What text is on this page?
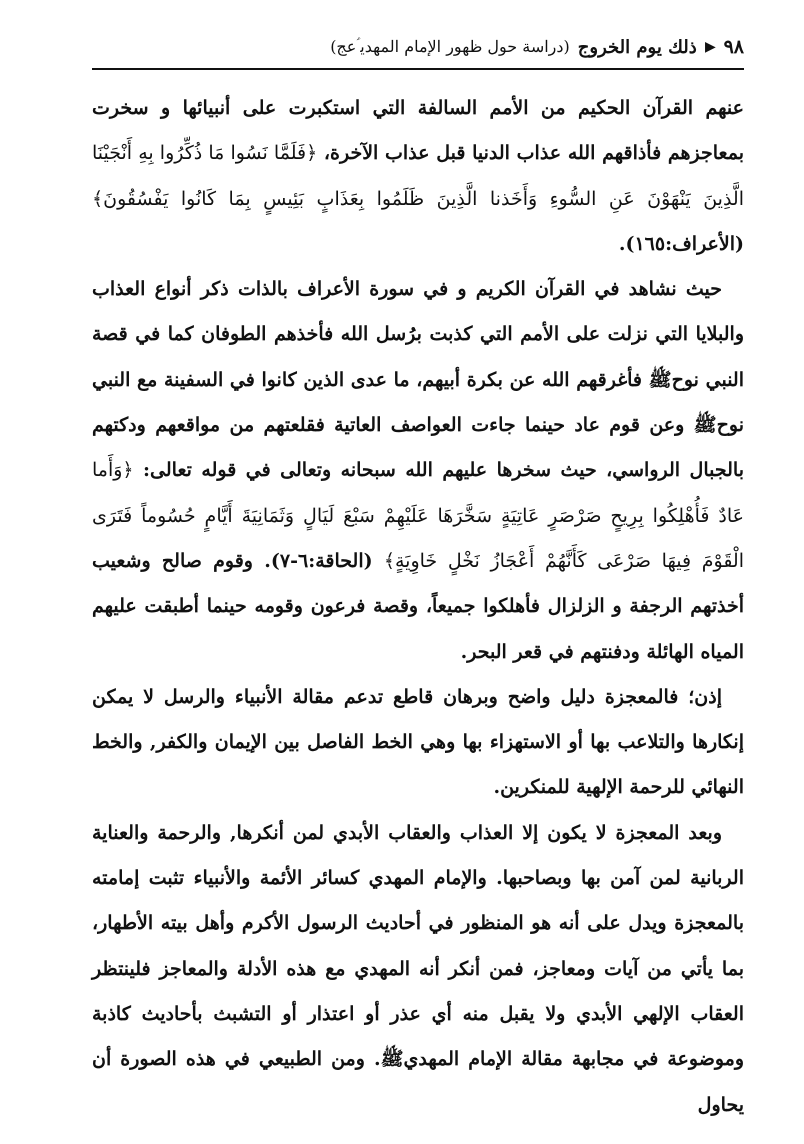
٩٨
◀
ذلك يوم الخروج
(دراسة حول ظهور الإمام المهدي‍ ؑعج)

عنهم القرآن الحكيم من الأمم السالفة التي استكبرت على أنبيائها و سخرت بمعاجزهم فأذاقهم الله عذاب الدنيا قبل عذاب الآخرة، ﴿فَلَمَّا نَسُوا مَا ذُكِّرُوا بِهِ أَنْجَيْنَا الَّذِينَ يَنْهَوْنَ عَنِ السُّوءِ وَأَخَذنا الَّذِينَ ظَلَمُوا بِعَذَابٍ بَئِيسٍ بِمَا كَانُوا يَفْسُقُونَ﴾ (الأعراف:١٦٥).

حيث نشاهد في القرآن الكريم و في سورة الأعراف بالذات ذكر أنواع العذاب والبلايا التي نزلت على الأمم التي كذبت برُسل الله فأخذهم الطوفان كما في قصة النبي نوحﷺ فأغرقهم الله عن بكرة أبيهم، ما عدى الذين كانوا في السفينة مع النبي نوحﷺ وعن قوم عاد حينما جاءت العواصف العاتية فقلعتهم من مواقعهم ودكتهم بالجبال الرواسي، حيث سخرها عليهم الله سبحانه وتعالى في قوله تعالى: ﴿وَأَما عَادٌ فَأُهْلِكُوا بِرِيحٍ صَرْصَرٍ عَاتِيَةٍ سَخَّرَهَا عَلَيْهِمْ سَبْعَ لَيَالٍ وَثَمَانِيَةَ أَيَّامٍ حُسُوماً فَتَرَى الْقَوْمَ فِيهَا صَرْعَى كَأَنَّهُمْ أَعْجَازُ نَخْلٍ خَاوِيَةٍ﴾ (الحاقة:٦-٧). وقوم صالح وشعيب أخذتهم الرجفة و الزلزال فأهلكوا جميعاً، وقصة فرعون وقومه حينما أطبقت عليهم المياه الهائلة ودفنتهم في قعر البحر.

إذن؛ فالمعجزة دليل واضح وبرهان قاطع تدعم مقالة الأنبياء والرسل لا يمكن إنكارها والتلاعب بها أو الاستهزاء بها وهي الخط الفاصل بين الإيمان والكفر, والخط النهائي للرحمة الإلهية للمنكرين.

وبعد المعجزة لا يكون إلا العذاب والعقاب الأبدي لمن أنكرها, والرحمة والعناية الربانية لمن آمن بها وبصاحبها. والإمام المهدي كسائر الأئمة والأنبياء تثبت إمامته بالمعجزة ويدل على أنه هو المنظور في أحاديث الرسول الأكرم وأهل بيته الأطهار، بما يأتي من آيات ومعاجز، فمن أنكر أنه المهدي مع هذه الأدلة والمعاجز فلينتظر العقاب الإلهي الأبدي ولا يقبل منه أي عذر أو اعتذار أو التشبث بأحاديث كاذبة وموضوعة في مجابهة مقالة الإمام المهديﷺ. ومن الطبيعي في هذه الصورة أن يحاول
